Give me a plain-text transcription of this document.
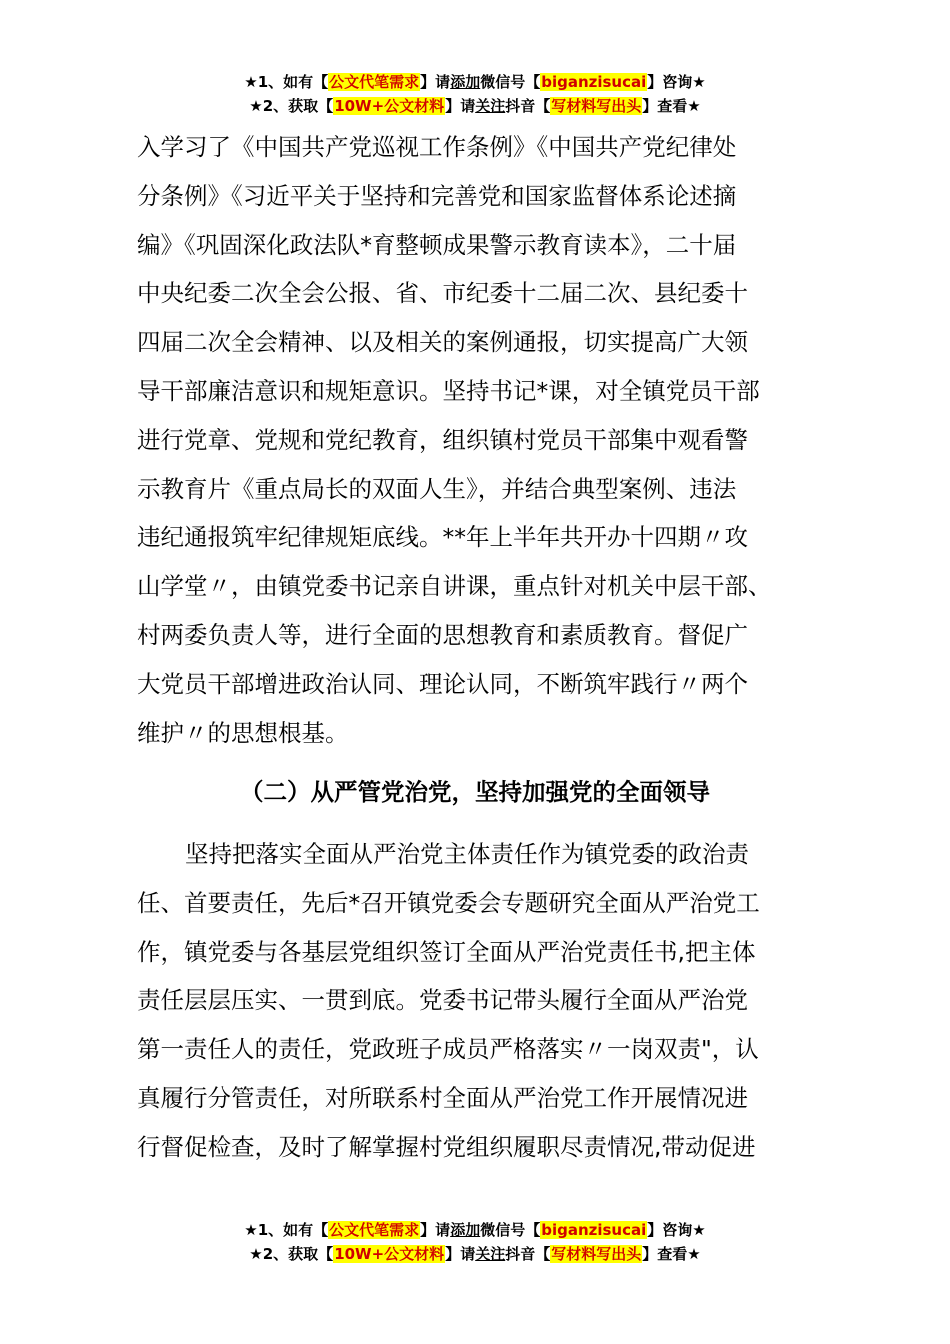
★1、如有【公文代笔需求】请添加微信号【biganzisucai】咨询★
★2、获取【10W+公文材料】请关注抖音【写材料写出头】查看★
入学习了《中国共产党巡视工作条例》《中国共产党纪律处
分条例》《习近平关于坚持和完善党和国家监督体系论述摘
编》《巩固深化政法队*育整顿成果警示教育读本》，二十届
中央纪委二次全会公报、省、市纪委十二届二次、县纪委十
四届二次全会精神、以及相关的案例通报，切实提高广大领
导干部廉洁意识和规矩意识。坚持书记*课，对全镇党员干部
进行党章、党规和党纪教育，组织镇村党员干部集中观看警
示教育片《重点局长的双面人生》，并结合典型案例、违法
违纪通报筑牢纪律规矩底线。**年上半年共开办十四期〃攻
山学堂〃，由镇党委书记亲自讲课，重点针对机关中层干部、
村两委负责人等，进行全面的思想教育和素质教育。督促广
大党员干部增进政治认同、理论认同，不断筑牢践行〃两个
维护〃的思想根基。
（二）从严管党治党，坚持加强党的全面领导
坚持把落实全面从严治党主体责任作为镇党委的政治责
任、首要责任，先后*召开镇党委会专题研究全面从严治党工
作，镇党委与各基层党组织签订全面从严治党责任书,把主体
责任层层压实、一贯到底。党委书记带头履行全面从严治党
第一责任人的责任，党政班子成员严格落实〃一岗双责"，认
真履行分管责任，对所联系村全面从严治党工作开展情况进
行督促检查，及时了解掌握村党组织履职尽责情况,带动促进
★1、如有【公文代笔需求】请添加微信号【biganzisucai】咨询★
★2、获取【10W+公文材料】请关注抖音【写材料写出头】查看★
